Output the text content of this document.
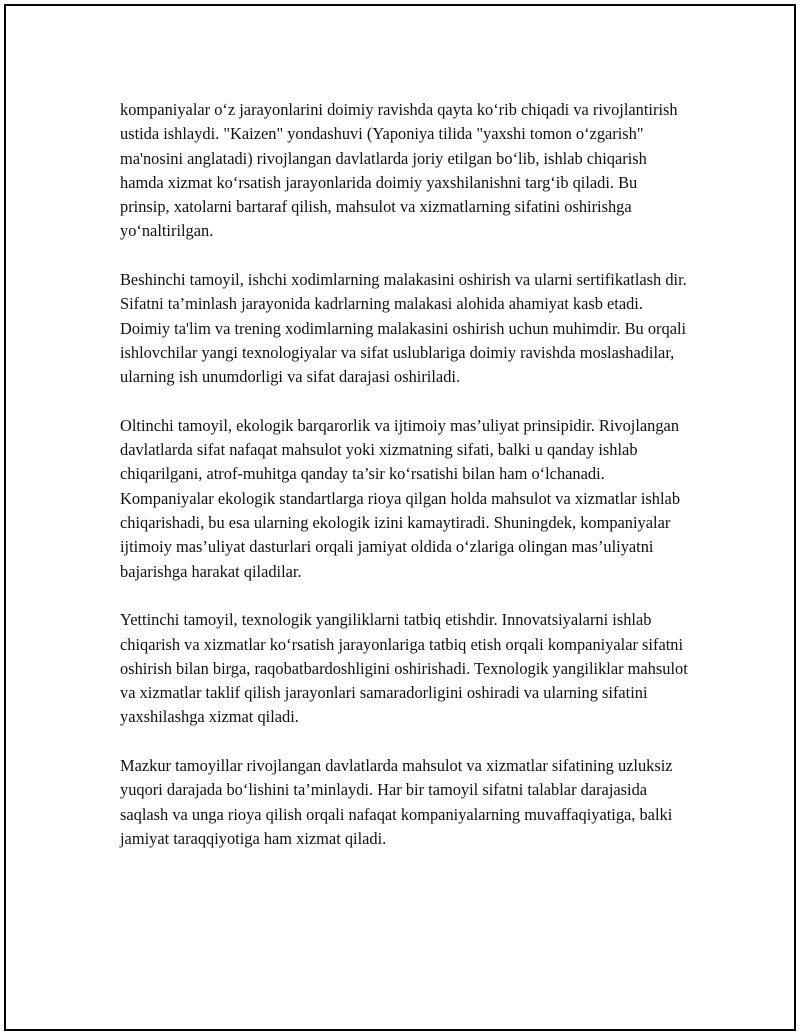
kompaniyalar o‘z jarayonlarini doimiy ravishda qayta ko‘rib chiqadi va rivojlantirish ustida ishlaydi. "Kaizen" yondashuvi (Yaponiya tilida "yaxshi tomon o‘zgarish" ma'nosini anglatadi) rivojlangan davlatlarda joriy etilgan bo‘lib, ishlab chiqarish hamda xizmat ko‘rsatish jarayonlarida doimiy yaxshilanishni targ‘ib qiladi. Bu prinsip, xatolarni bartaraf qilish, mahsulot va xizmatlarning sifatini oshirishga yo‘naltirilgan.

Beshinchi tamoyil, ishchi xodimlarning malakasini oshirish va ularni sertifikatlash dir. Sifatni ta’minlash jarayonida kadrlarning malakasi alohida ahamiyat kasb etadi. Doimiy ta'lim va trening xodimlarning malakasini oshirish uchun muhimdir. Bu orqali ishlovchilar yangi texnologiyalar va sifat uslublariga doimiy ravishda moslashadilar, ularning ish unumdorligi va sifat darajasi oshiriladi.

Oltinchi tamoyil, ekologik barqarorlik va ijtimoiy mas’uliyat prinsipidir. Rivojlangan davlatlarda sifat nafaqat mahsulot yoki xizmatning sifati, balki u qanday ishlab chiqarilgani, atrof-muhitga qanday ta’sir ko‘rsatishi bilan ham o‘lchanadi. Kompaniyalar ekologik standartlarga rioya qilgan holda mahsulot va xizmatlar ishlab chiqarishadi, bu esa ularning ekologik izini kamaytiradi. Shuningdek, kompaniyalar ijtimoiy mas’uliyat dasturlari orqali jamiyat oldida o‘zlariga olingan mas’uliyatni bajarishga harakat qiladilar.

Yettinchi tamoyil, texnologik yangiliklarni tatbiq etishdir. Innovatsiyalarni ishlab chiqarish va xizmatlar ko‘rsatish jarayonlariga tatbiq etish orqali kompaniyalar sifatni oshirish bilan birga, raqobatbardoshligini oshirishadi. Texnologik yangiliklar mahsulot va xizmatlar taklif qilish jarayonlari samaradorligini oshiradi va ularning sifatini yaxshilashga xizmat qiladi.

Mazkur tamoyillar rivojlangan davlatlarda mahsulot va xizmatlar sifatining uzluksiz yuqori darajada bo‘lishini ta’minlaydi. Har bir tamoyil sifatni talablar darajasida saqlash va unga rioya qilish orqali nafaqat kompaniyalarning muvaffaqiyatiga, balki jamiyat taraqqiyotiga ham xizmat qiladi.
